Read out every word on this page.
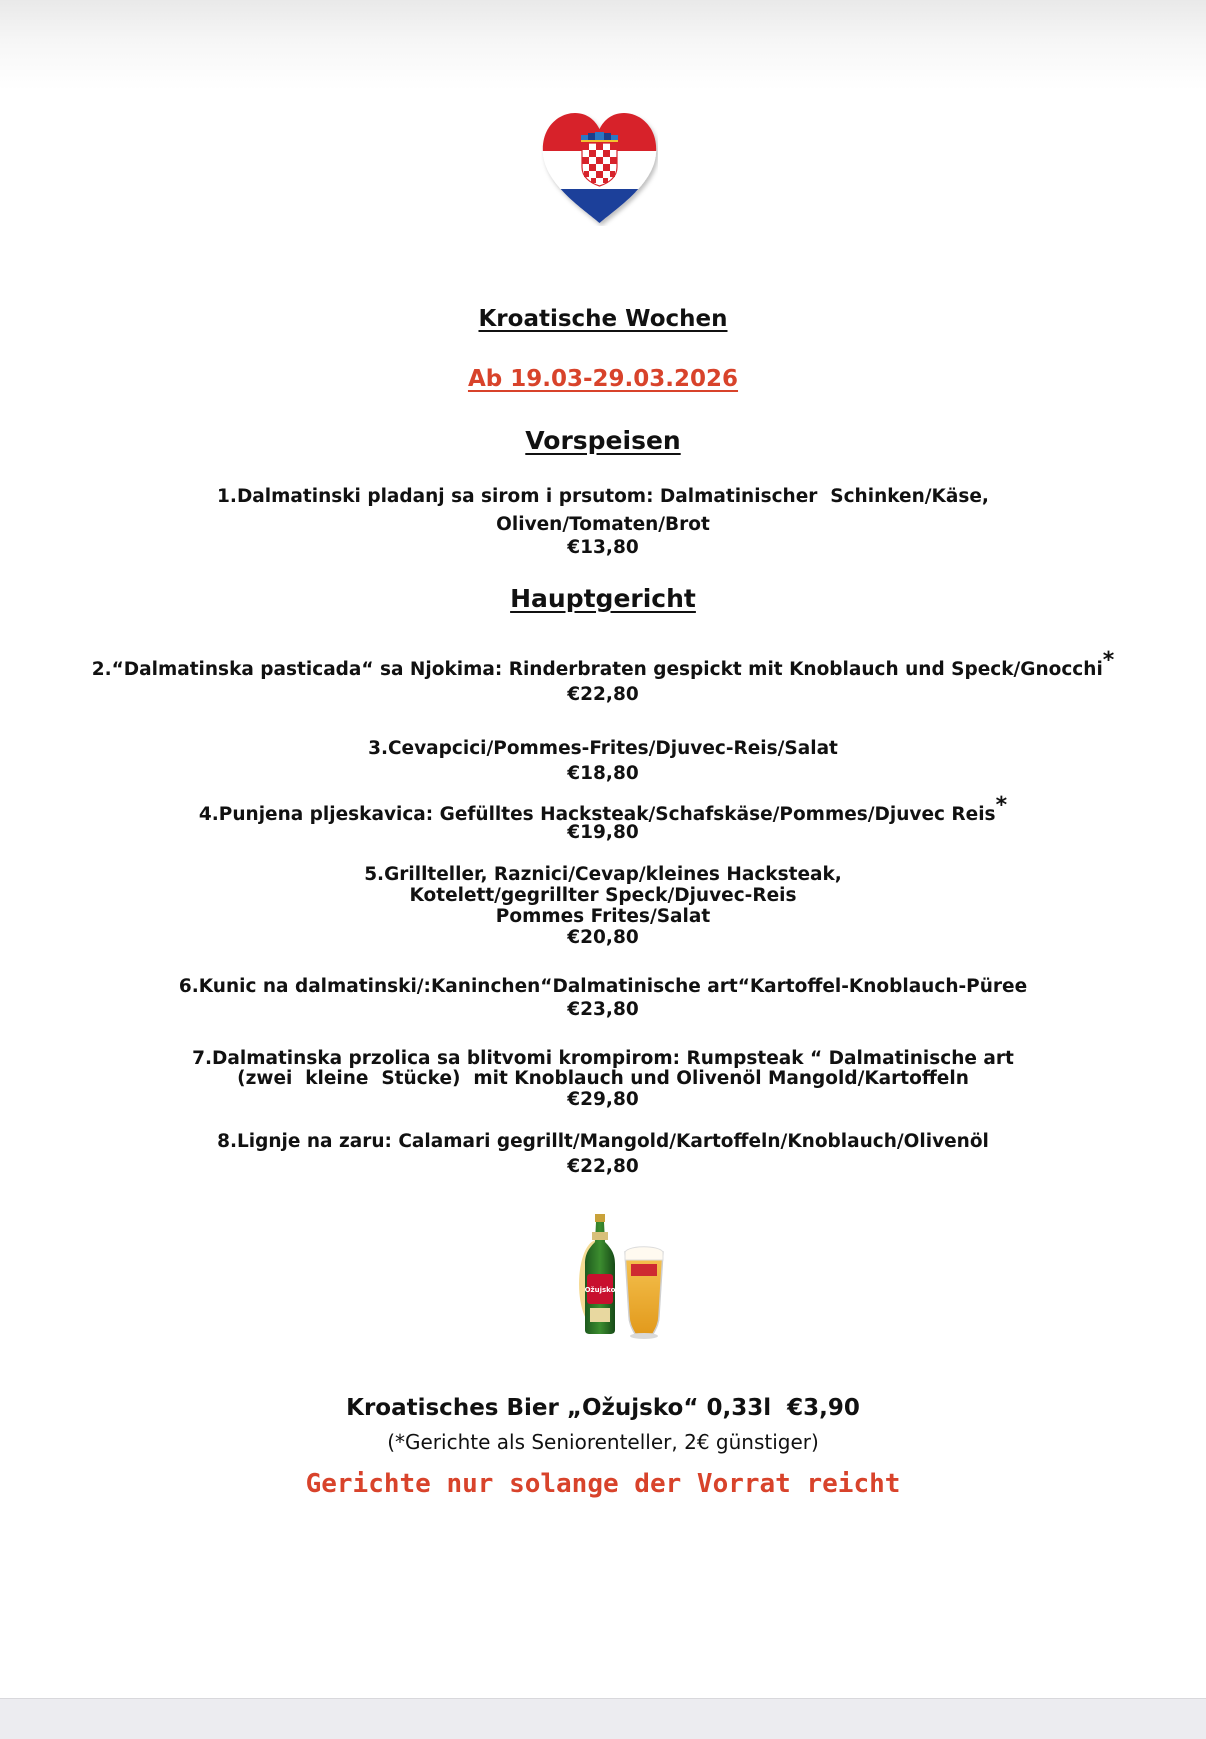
Kroatische Wochen
Ab 19.03-29.03.2026
Vorspeisen
1.Dalmatinski pladanj sa sirom i prsutom: Dalmatinischer  Schinken/Käse,
Oliven/Tomaten/Brot
€13,80
Hauptgericht
2.“Dalmatinska pasticada“ sa Njokima: Rinderbraten gespickt mit Knoblauch und Speck/Gnocchi*
€22,80
3.Cevapcici/Pommes-Frites/Djuvec-Reis/Salat
€18,80
4.Punjena pljeskavica: Gefülltes Hacksteak/Schafskäse/Pommes/Djuvec Reis*
€19,80
5.Grillteller, Raznici/Cevap/kleines Hacksteak,
Kotelett/gegrillter Speck/Djuvec-Reis
Pommes Frites/Salat
€20,80
6.Kunic na dalmatinski/:Kaninchen“Dalmatinische art“Kartoffel-Knoblauch-Püree
€23,80
7.Dalmatinska przolica sa blitvomi krompirom: Rumpsteak “ Dalmatinische art
(zwei  kleine  Stücke)  mit Knoblauch und Olivenöl Mangold/Kartoffeln
€29,80
8.Lignje na zaru: Calamari gegrillt/Mangold/Kartoffeln/Knoblauch/Olivenöl
€22,80
Ožujsko
Kroatisches Bier „Ožujsko“ 0,33l  €3,90
(*Gerichte als Seniorenteller, 2€ günstiger)
Gerichte nur solange der Vorrat reicht
